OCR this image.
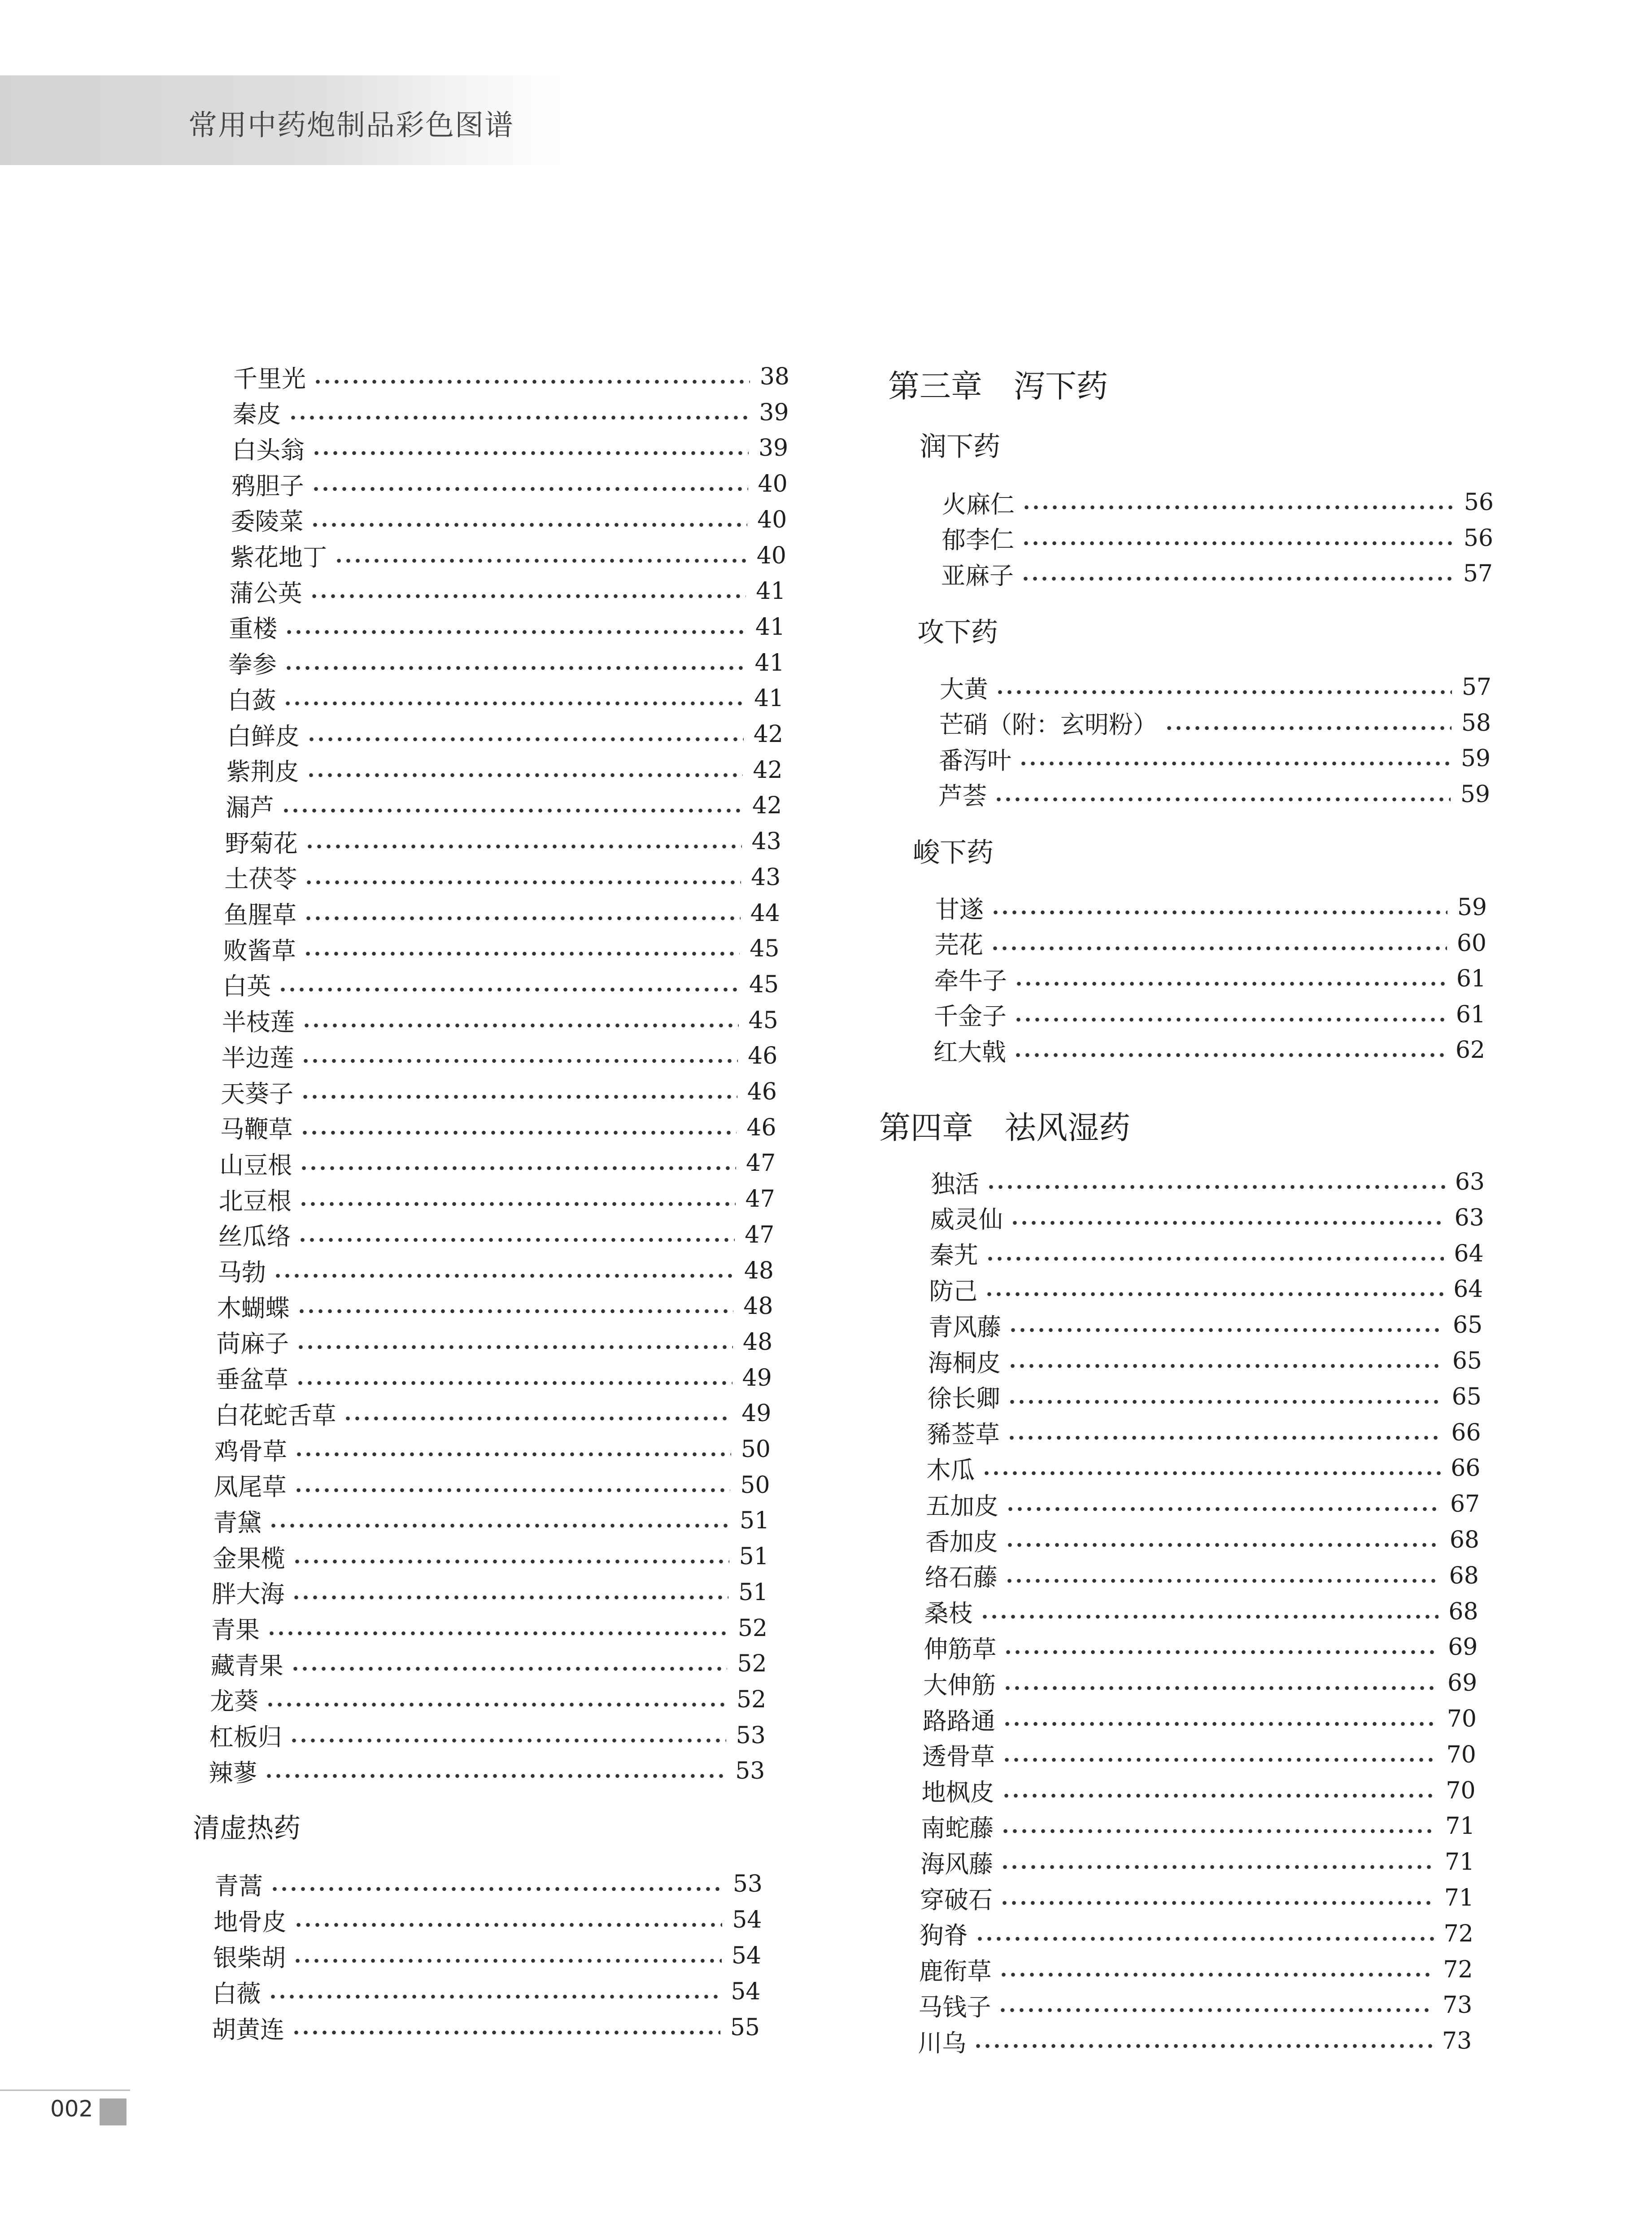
常用中药炮制品彩色图谱
千里光	38
秦皮	39
白头翁	39
鸦胆子	40
委陵菜	40
紫花地丁	40
蒲公英	41
重楼	41
拳参	41
白蔹	41
白鲜皮	42
紫荆皮	42
漏芦	42
野菊花	43
土茯苓	43
鱼腥草	44
败酱草	45
白英	45
半枝莲	45
半边莲	46
天葵子	46
马鞭草	46
山豆根	47
北豆根	47
丝瓜络	47
马勃	48
木蝴蝶	48
苘麻子	48
垂盆草	49
白花蛇舌草	49
鸡骨草	50
凤尾草	50
青黛	51
金果榄	51
胖大海	51
青果	52
藏青果	52
龙葵	52
杠板归	53
辣蓼	53
清虚热药
青蒿	53
地骨皮	54
银柴胡	54
白薇	54
胡黄连	55
第三章 泻下药
润下药
火麻仁	56
郁李仁	56
亚麻子	57
攻下药
大黄	57
芒硝（附：玄明粉）	58
番泻叶	59
芦荟	59
峻下药
甘遂	59
芫花	60
牵牛子	61
千金子	61
红大戟	62
第四章 祛风湿药
独活	63
威灵仙	63
秦艽	64
防己	64
青风藤	65
海桐皮	65
徐长卿	65
豨莶草	66
木瓜	66
五加皮	67
香加皮	68
络石藤	68
桑枝	68
伸筋草	69
大伸筋	69
路路通	70
透骨草	70
地枫皮	70
南蛇藤	71
海风藤	71
穿破石	71
狗脊	72
鹿衔草	72
马钱子	73
川乌	73
002
